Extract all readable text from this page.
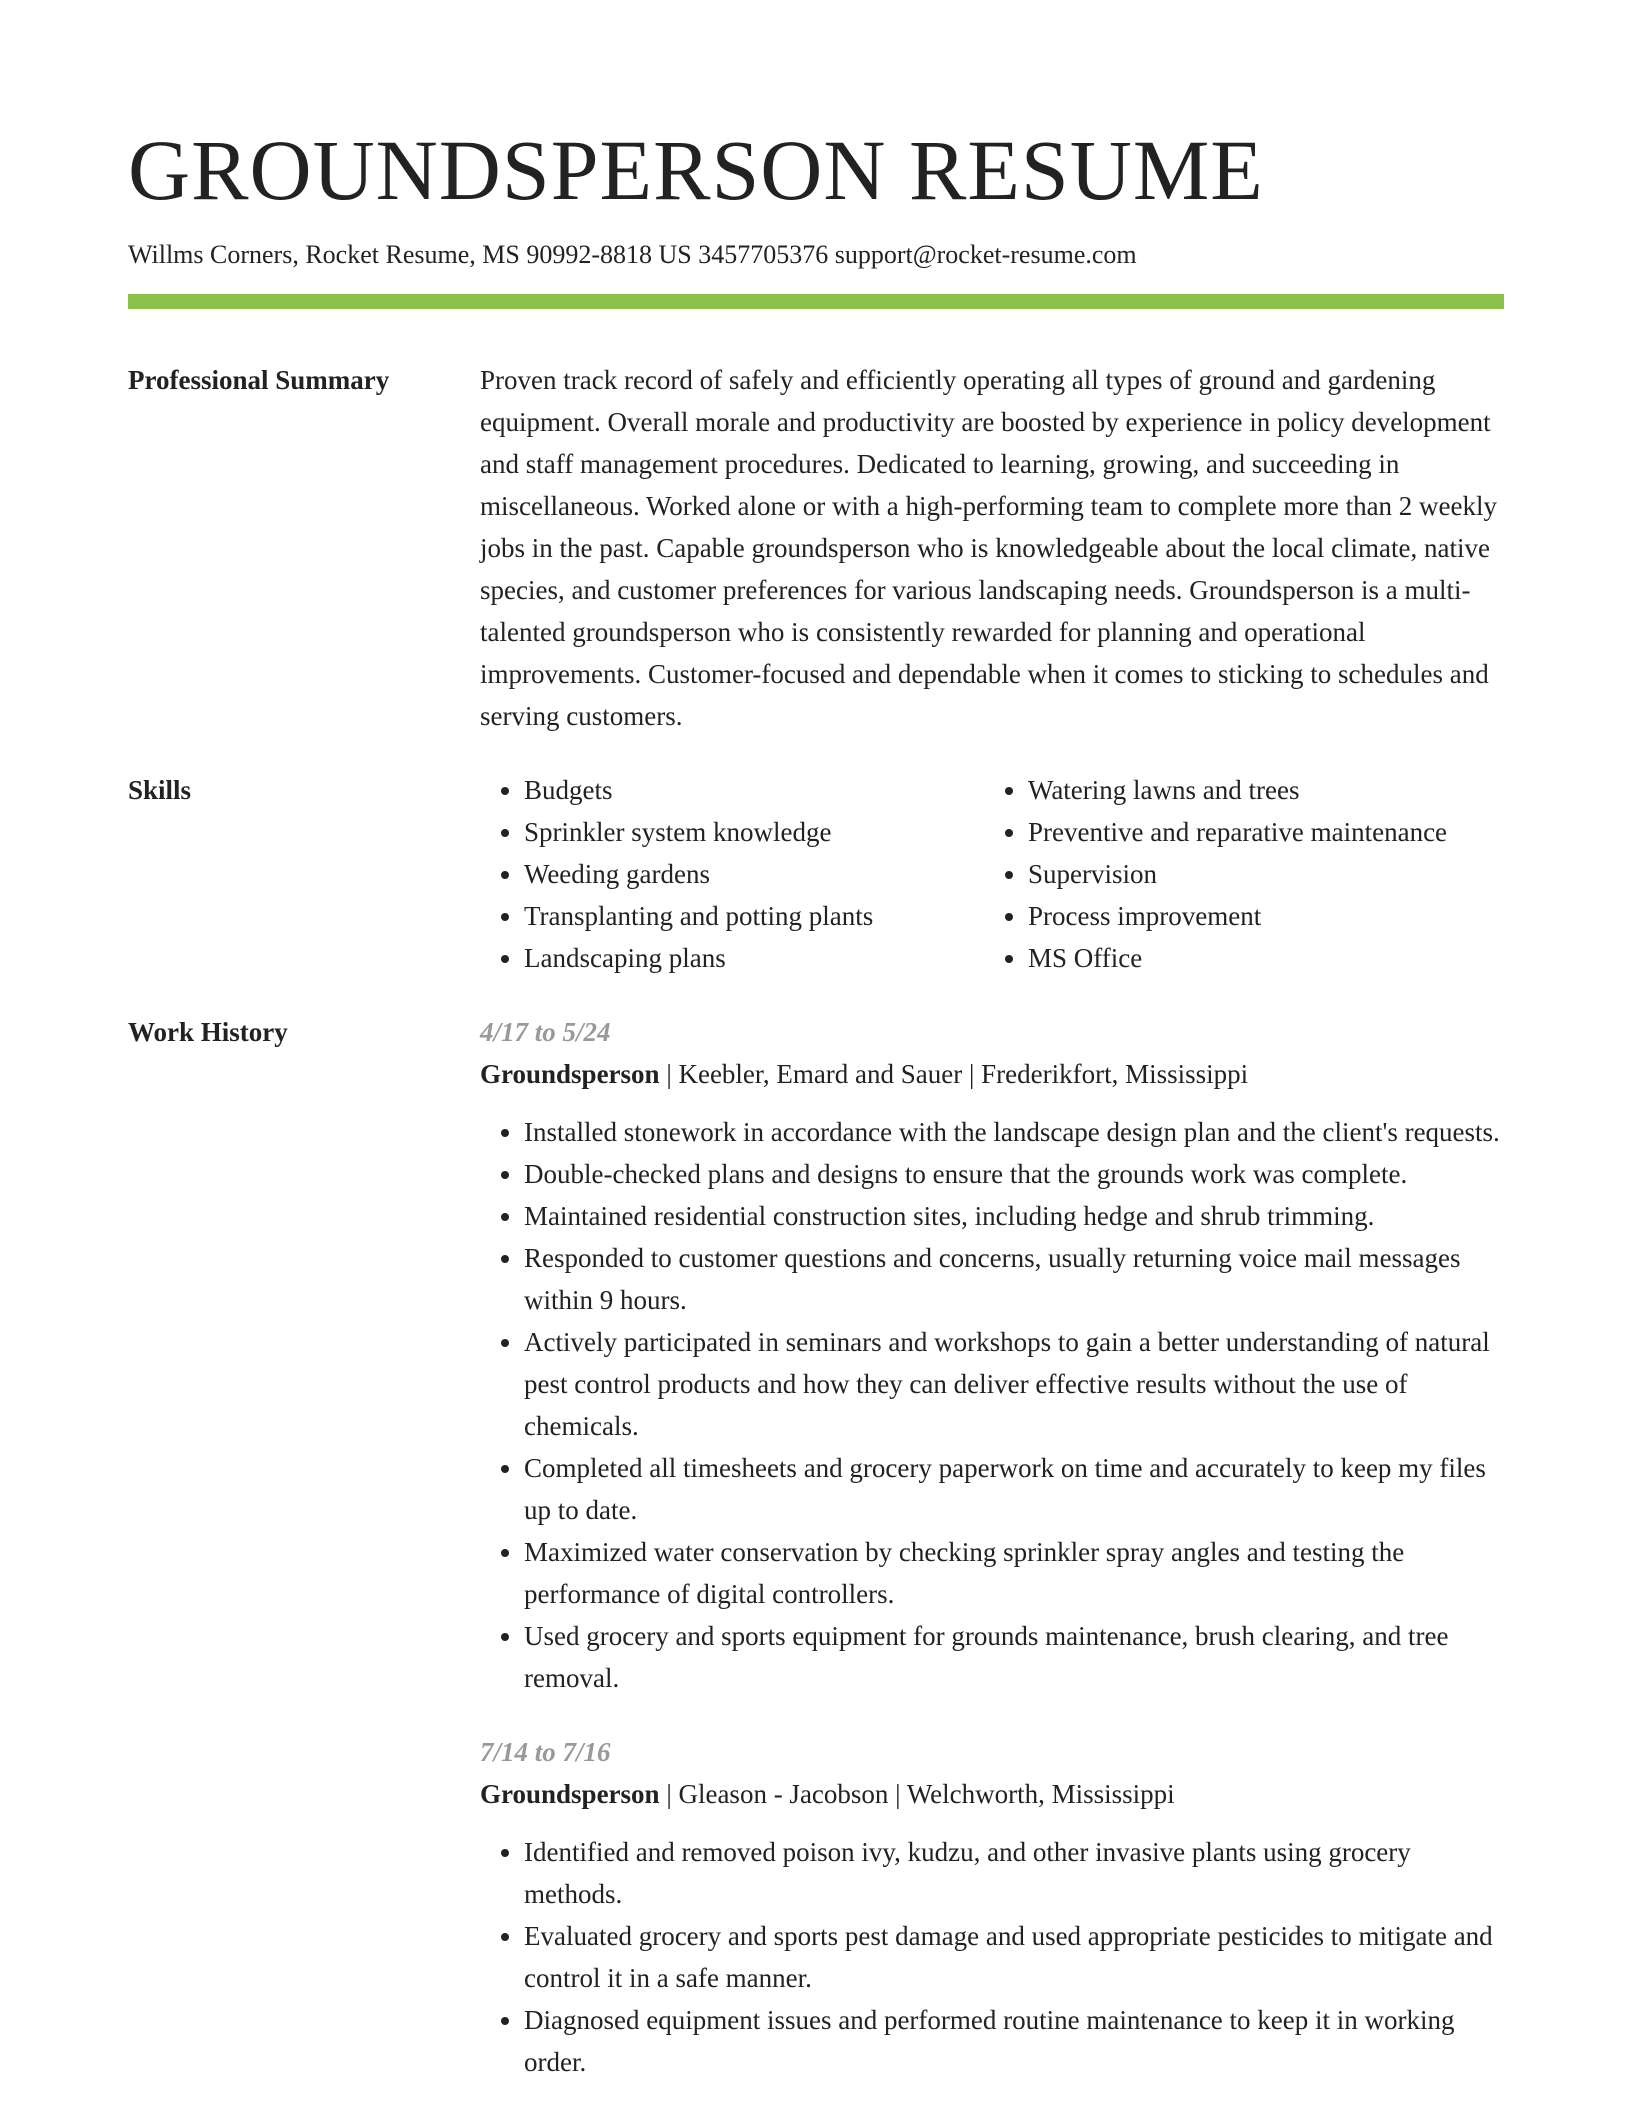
GROUNDSPERSON RESUME
Willms Corners, Rocket Resume, MS 90992-8818 US 3457705376 support@rocket-resume.com
Professional Summary	Proven track record of safely and efficiently operating all types of ground and gardening equipment. Overall morale and productivity are boosted by experience in policy development and staff management procedures. Dedicated to learning, growing, and succeeding in miscellaneous. Worked alone or with a high-performing team to complete more than 2 weekly jobs in the past. Capable groundsperson who is knowledgeable about the local climate, native species, and customer preferences for various landscaping needs. Groundsperson is a multi-talented groundsperson who is consistently rewarded for planning and operational improvements. Customer-focused and dependable when it comes to sticking to schedules and serving customers.

Skills
•	Budgets
• Sprinkler system knowledge
• Weeding gardens
• Transplanting and potting plants
• Landscaping plans
• Watering lawns and trees
• Preventive and reparative maintenance
• Supervision
• Process improvement
• MS Office
Work History	4/17 to 5/24
Groundsperson | Keebler, Emard and Sauer | Frederikfort, Mississippi
• Installed stonework in accordance with the landscape design plan and the client's requests.
• Double-checked plans and designs to ensure that the grounds work was complete.
• Maintained residential construction sites, including hedge and shrub trimming.
• Responded to customer questions and concerns, usually returning voice mail messages within 9 hours.
• Actively participated in seminars and workshops to gain a better understanding of natural pest control products and how they can deliver effective results without the use of chemicals.
• Completed all timesheets and grocery paperwork on time and accurately to keep my files up to date.
• Maximized water conservation by checking sprinkler spray angles and testing the performance of digital controllers.
• Used grocery and sports equipment for grounds maintenance, brush clearing, and tree removal.
7/14 to 7/16
Groundsperson | Gleason - Jacobson | Welchworth, Mississippi
• Identified and removed poison ivy, kudzu, and other invasive plants using grocery methods.
• Evaluated grocery and sports pest damage and used appropriate pesticides to mitigate and control it in a safe manner.
• Diagnosed equipment issues and performed routine maintenance to keep it in working order.
